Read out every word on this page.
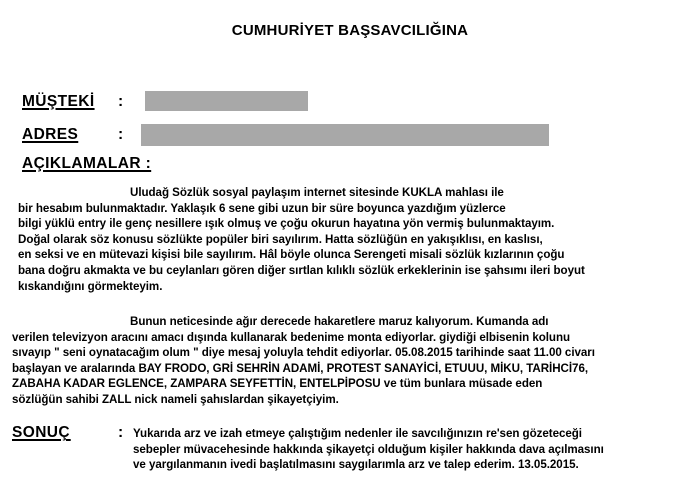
CUMHURİYET BAŞSAVCILIĞINA
MÜŞTEKİ :
ADRES	:
AÇIKLAMALAR :
Uludağ Sözlük sosyal paylaşım internet sitesinde KUKLA mahlası ile
bir hesabım bulunmaktadır. Yaklaşık 6 sene gibi uzun bir süre boyunca yazdığım yüzlerce
bilgi yüklü entry ile genç nesillere ışık olmuş ve çoğu okurun hayatına yön vermiş bulunmaktayım.
Doğal olarak söz konusu sözlükte popüler biri sayılırım. Hatta sözlüğün en yakışıklısı, en kaslısı,
en seksi ve en mütevazi kişisi bile sayılırım. Hâl böyle olunca Serengeti misali sözlük kızlarının çoğu
bana doğru akmakta ve bu ceylanları gören diğer sırtlan kılıklı sözlük erkeklerinin ise şahsımı ileri boyut
kıskandığını görmekteyim.
Bunun neticesinde ağır derecede hakaretlere maruz kalıyorum. Kumanda adı
verilen televizyon aracını amacı dışında kullanarak bedenime monta ediyorlar. giydiği elbisenin kolunu
sıvayıp " seni oynatacağım olum " diye mesaj yoluyla tehdit ediyorlar. 05.08.2015 tarihinde saat 11.00 civarı
başlayan ve aralarında BAY FRODO, GRİ SEHRİN ADAMİ, PROTEST SANAYİCİ, ETUUU, MİKU, TARİHCİ76,
ZABAHA KADAR EGLENCE, ZAMPARA SEYFETTİN, ENTELPİPOSU ve tüm bunlara müsade eden
sözlüğün sahibi ZALL nick nameli şahıslardan şikayetçiyim.
SONUÇ
	: Yukarıda arz ve izah etmeye çalıştığım nedenler ile savcılığınızın re'sen gözeteceği
sebepler müvacehesinde hakkında şikayetçi olduğum kişiler hakkında dava açılmasını
ve yargılanmanın ivedi başlatılmasını saygılarımla arz ve talep ederim. 13.05.2015.
